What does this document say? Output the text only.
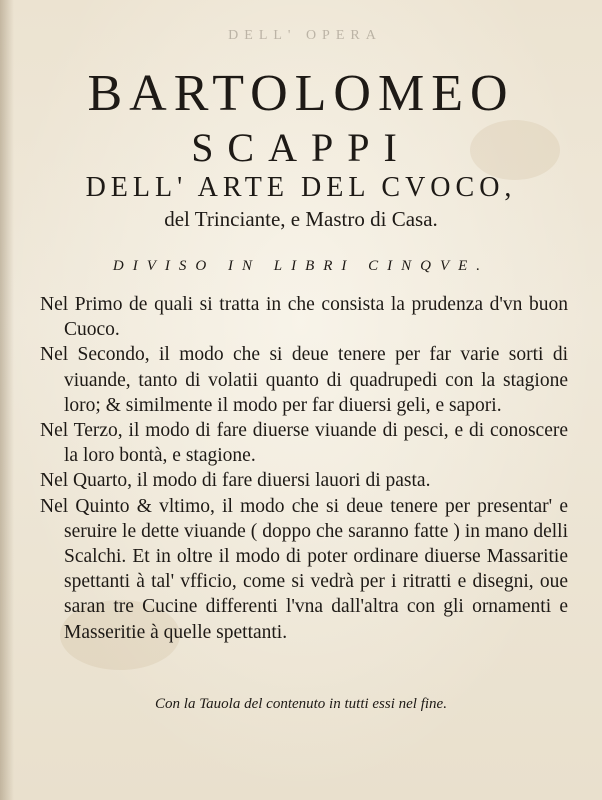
DELL' OPERA
BARTOLOMEO
SCAPPI
DELL' ARTE DEL CVOCO,
del Trinciante, e Mastro di Casa.
DIVISO IN LIBRI CINQVE.

Nel Primo de quali si tratta in che consista la prudenza d'vn buon Cuoco.

Nel Secondo, il modo che si deue tenere per far varie sorti di viuande, tanto di volatii quanto di quadrupedi con la stagione loro; & similmente il modo per far diuersi geli, e sapori.

Nel Terzo, il modo di fare diuerse viuande di pesci, e di conoscere la loro bontà, e stagione.

Nel Quarto, il modo di fare diuersi lauori di pasta.

Nel Quinto & vltimo, il modo che si deue tenere per presentar' e seruire le dette viuande ( doppo che saranno fatte ) in mano delli Scalchi. Et in oltre il modo di poter ordinare diuerse Massaritie spettanti à tal' vfficio, come si vedrà per i ritratti e disegni, oue saran tre Cucine differenti l'vna dall'altra con gli ornamenti e Masseritie à quelle spettanti.

Con la Tauola del contenuto in tutti essi nel fine.
